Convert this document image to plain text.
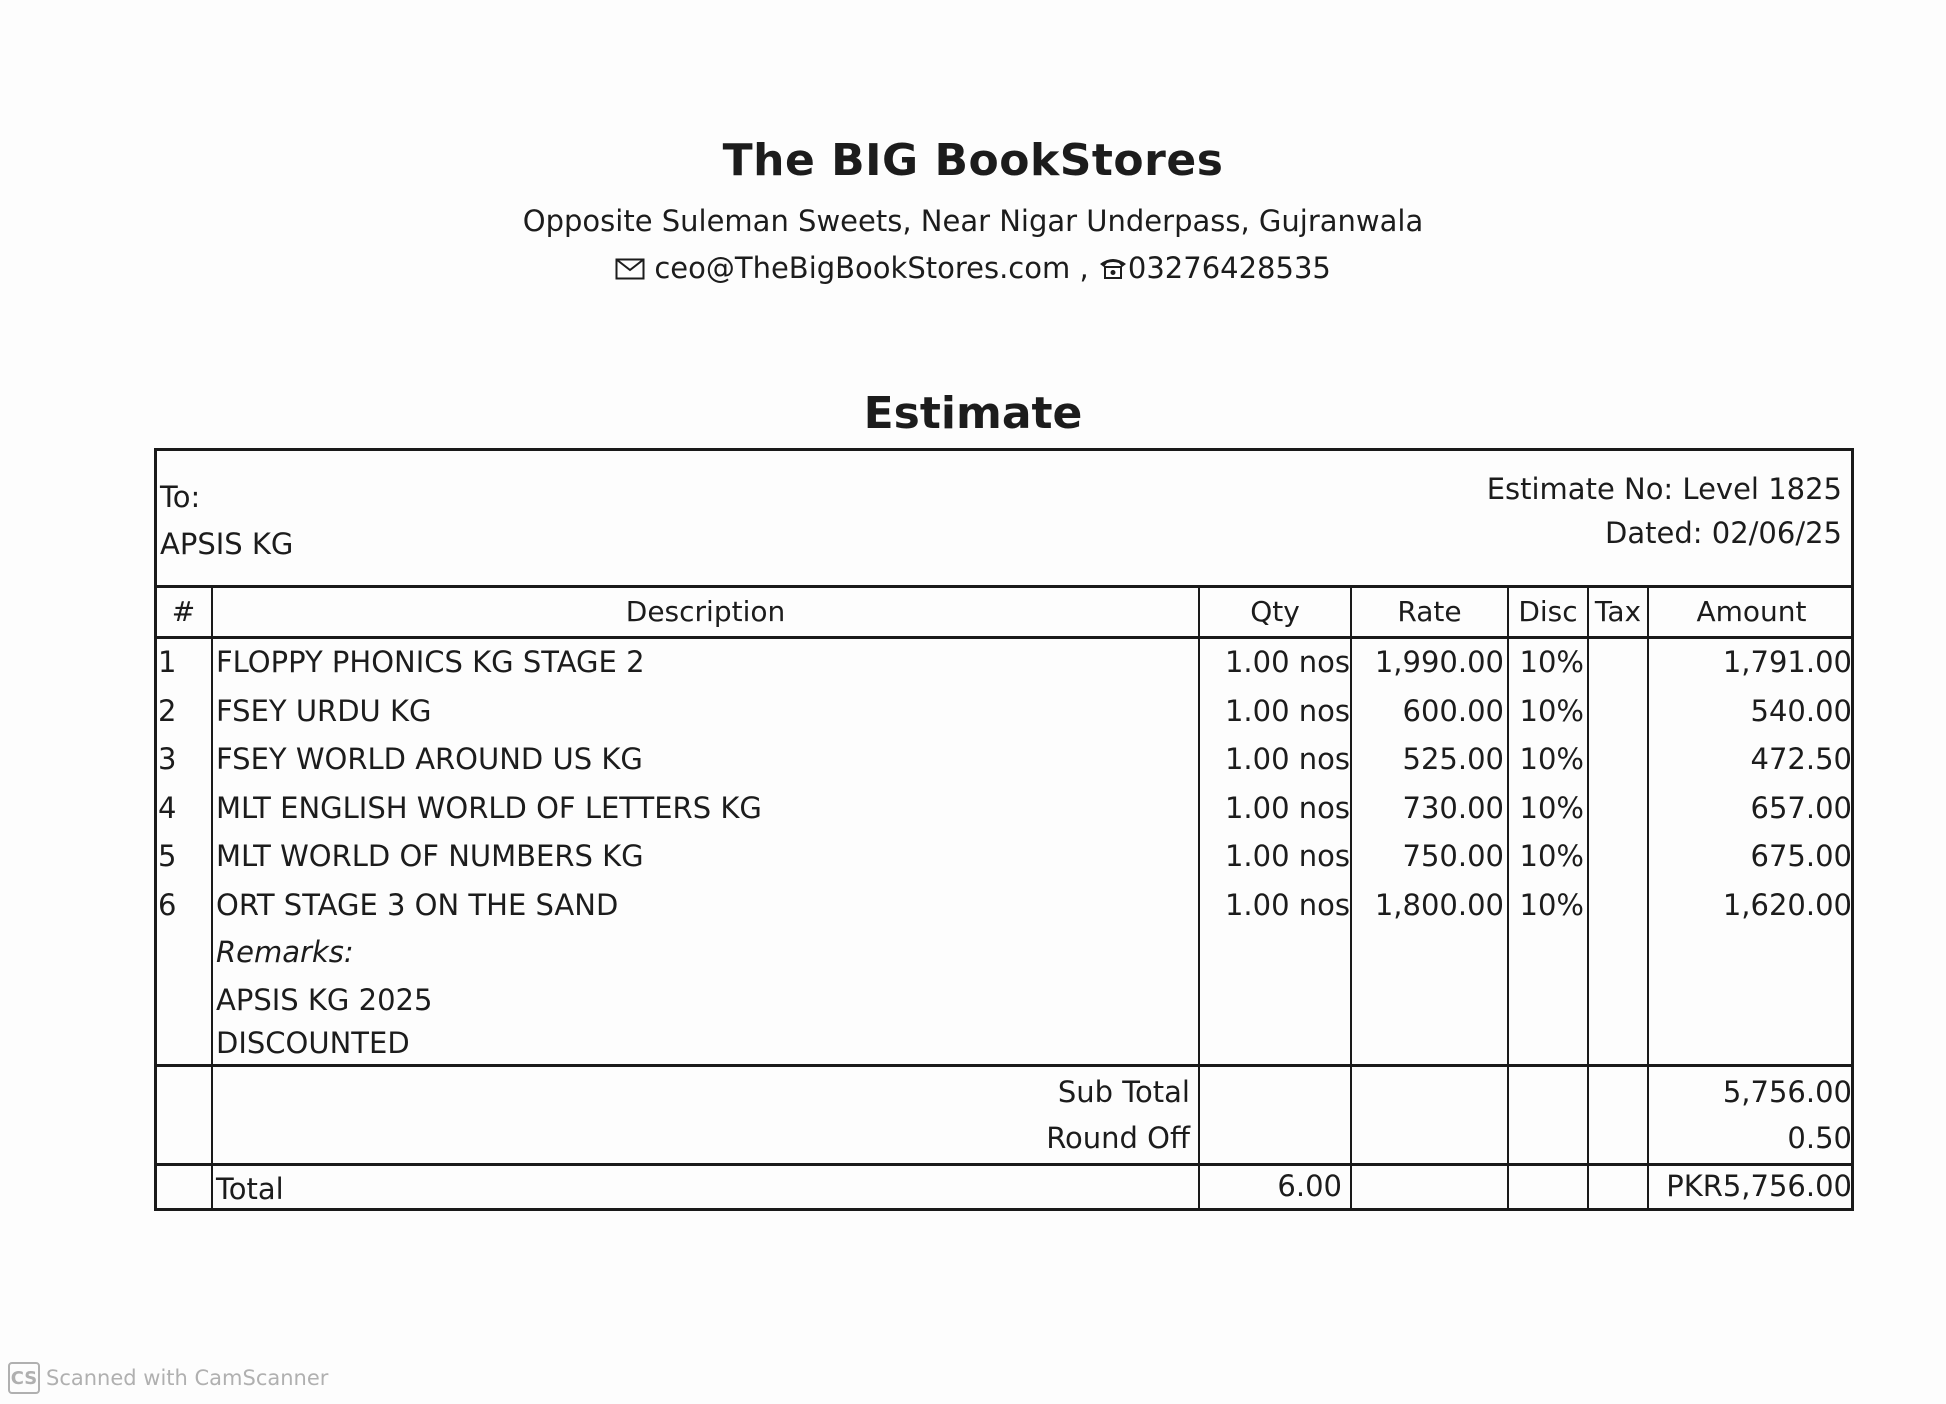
The BIG BookStores
Opposite Suleman Sweets, Near Nigar Underpass, Gujranwala
ceo@TheBigBookStores.com , 03276428535
Estimate
To:
APSIS KG
Estimate No: Level 1825
Dated: 02/06/25
#	Description	Qty	Rate	Disc Tax	Amount
1 FLOPPY PHONICS KG STAGE 2	1.00 nos 1,990.00 10%	1,791.00
2 FSEY URDU KG	1.00 nos 600.00 10%	540.00
3 FSEY WORLD AROUND US KG	1.00 nos 525.00 10%	472.50
4 MLT ENGLISH WORLD OF LETTERS KG	1.00 nos 730.00 10%	657.00
5 MLT WORLD OF NUMBERS KG	1.00 nos 750.00 10%	675.00
6 ORT STAGE 3 ON THE SAND	1.00 nos 1,800.00 10%	1,620.00
Remarks:
APSIS KG 2025
DISCOUNTED
Sub Total	5,756.00
Round Off	0.50
Total	6.00	PKR5,756.00
CS Scanned with CamScanner
